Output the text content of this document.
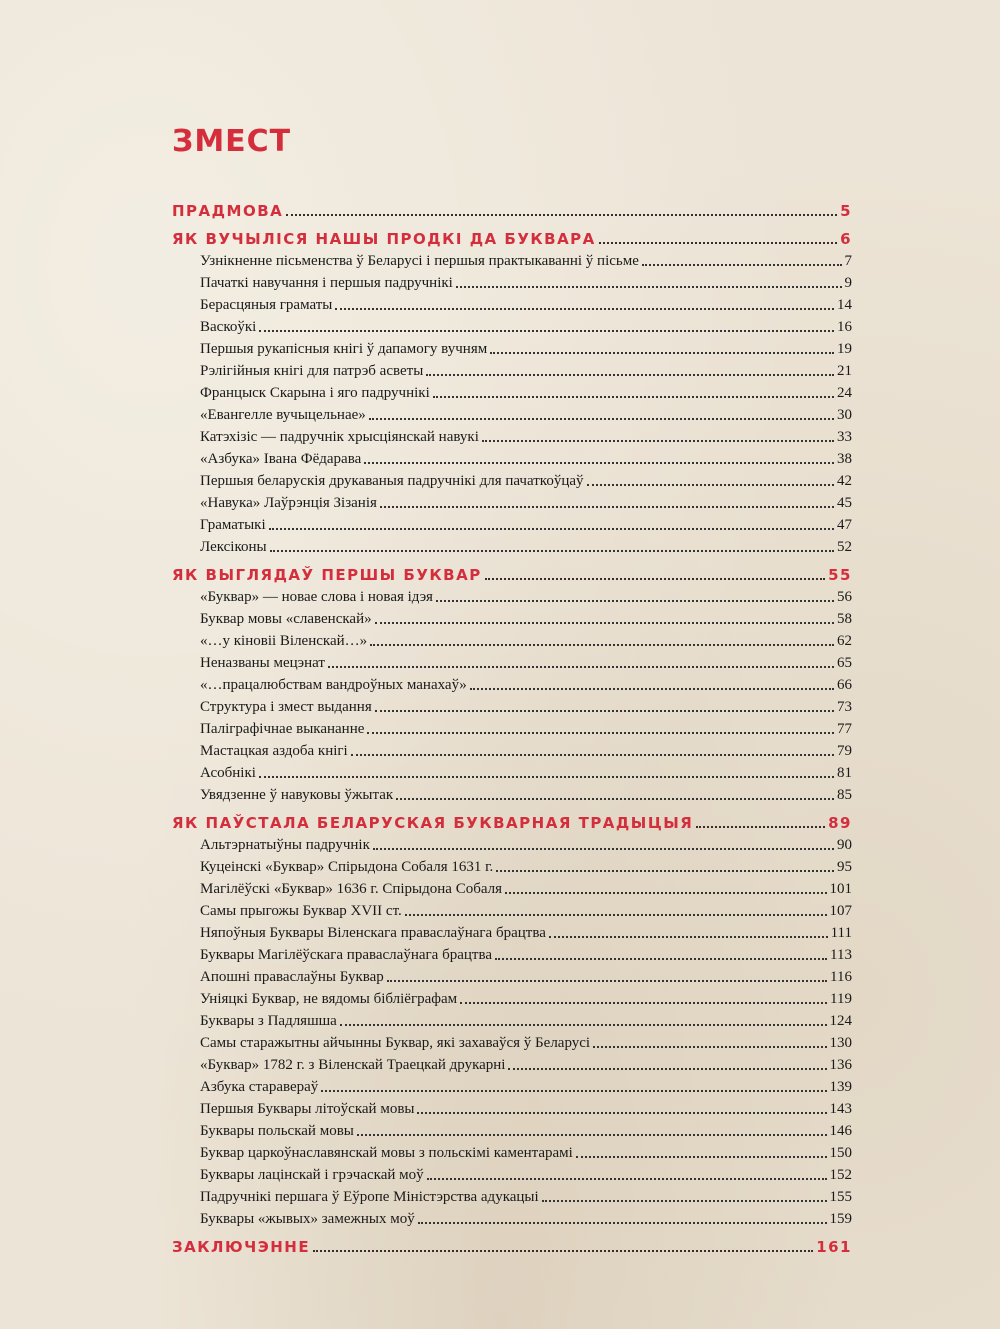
ЗМЕСТ
ПРАДМОВА	5
ЯК ВУЧЫЛІСЯ НАШЫ ПРОДКІ ДА БУКВАРА	6
Узнікненне пісьменства ў Беларусі і першыя практыкаванні ў пісьме	7
Пачаткі навучання і першыя падручнікі	9
Берасцяныя граматы	14
Васкоўкі	16
Першыя рукапісныя кнігі ў дапамогу вучням	19
Рэлігійныя кнігі для патрэб асветы	21
Францыск Скарына і яго падручнікі	24
«Евангелле вучыцельнае»	30
Катэхізіс — падручнік хрысціянскай навукі	33
«Азбука» Івана Фёдарава	38
Першыя беларускія друкаваныя падручнікі для пачаткоўцаў	42
«Навука» Лаўрэнція Зізанія	45
Граматыкі	47
Лексіконы	52
ЯК ВЫГЛЯДАЎ ПЕРШЫ БУКВАР	55
«Буквар» — новае слова і новая ідэя	56
Буквар мовы «славенскай»	58
«…у кіновіі Віленскай…»	62
Неназваны мецэнат	65
«…працалюбствам вандроўных манахаў»	66
Структура і змест выдання	73
Паліграфічнае выкананне	77
Мастацкая аздоба кнігі	79
Асобнікі	81
Увядзенне ў навуковы ўжытак	85
ЯК ПАЎСТАЛА БЕЛАРУСКАЯ БУКВАРНАЯ ТРАДЫЦЫЯ	89
Альтэрнатыўны падручнік	90
Куцеінскі «Буквар» Спірыдона Собаля 1631 г.	95
Магілёўскі «Буквар» 1636 г. Спірыдона Собаля	101
Самы прыгожы Буквар XVII ст.	107
Няпоўныя Буквары Віленскага праваслаўнага брацтва	111
Буквары Магілёўскага праваслаўнага брацтва	113
Апошні праваслаўны Буквар	116
Уніяцкі Буквар, не вядомы бібліёграфам	119
Буквары з Падляшша	124
Самы старажытны айчынны Буквар, які захаваўся ў Беларусі	130
«Буквар» 1782 г. з Віленскай Траецкай друкарні	136
Азбука старавераў	139
Першыя Буквары літоўскай мовы	143
Буквары польскай мовы	146
Буквар царкоўнаславянскай мовы з польскімі каментарамі	150
Буквары лацінскай і грэчаскай моў	152
Падручнікі першага ў Еўропе Міністэрства адукацыі	155
Буквары «жывых» замежных моў	159
ЗАКЛЮЧЭННЕ	161
